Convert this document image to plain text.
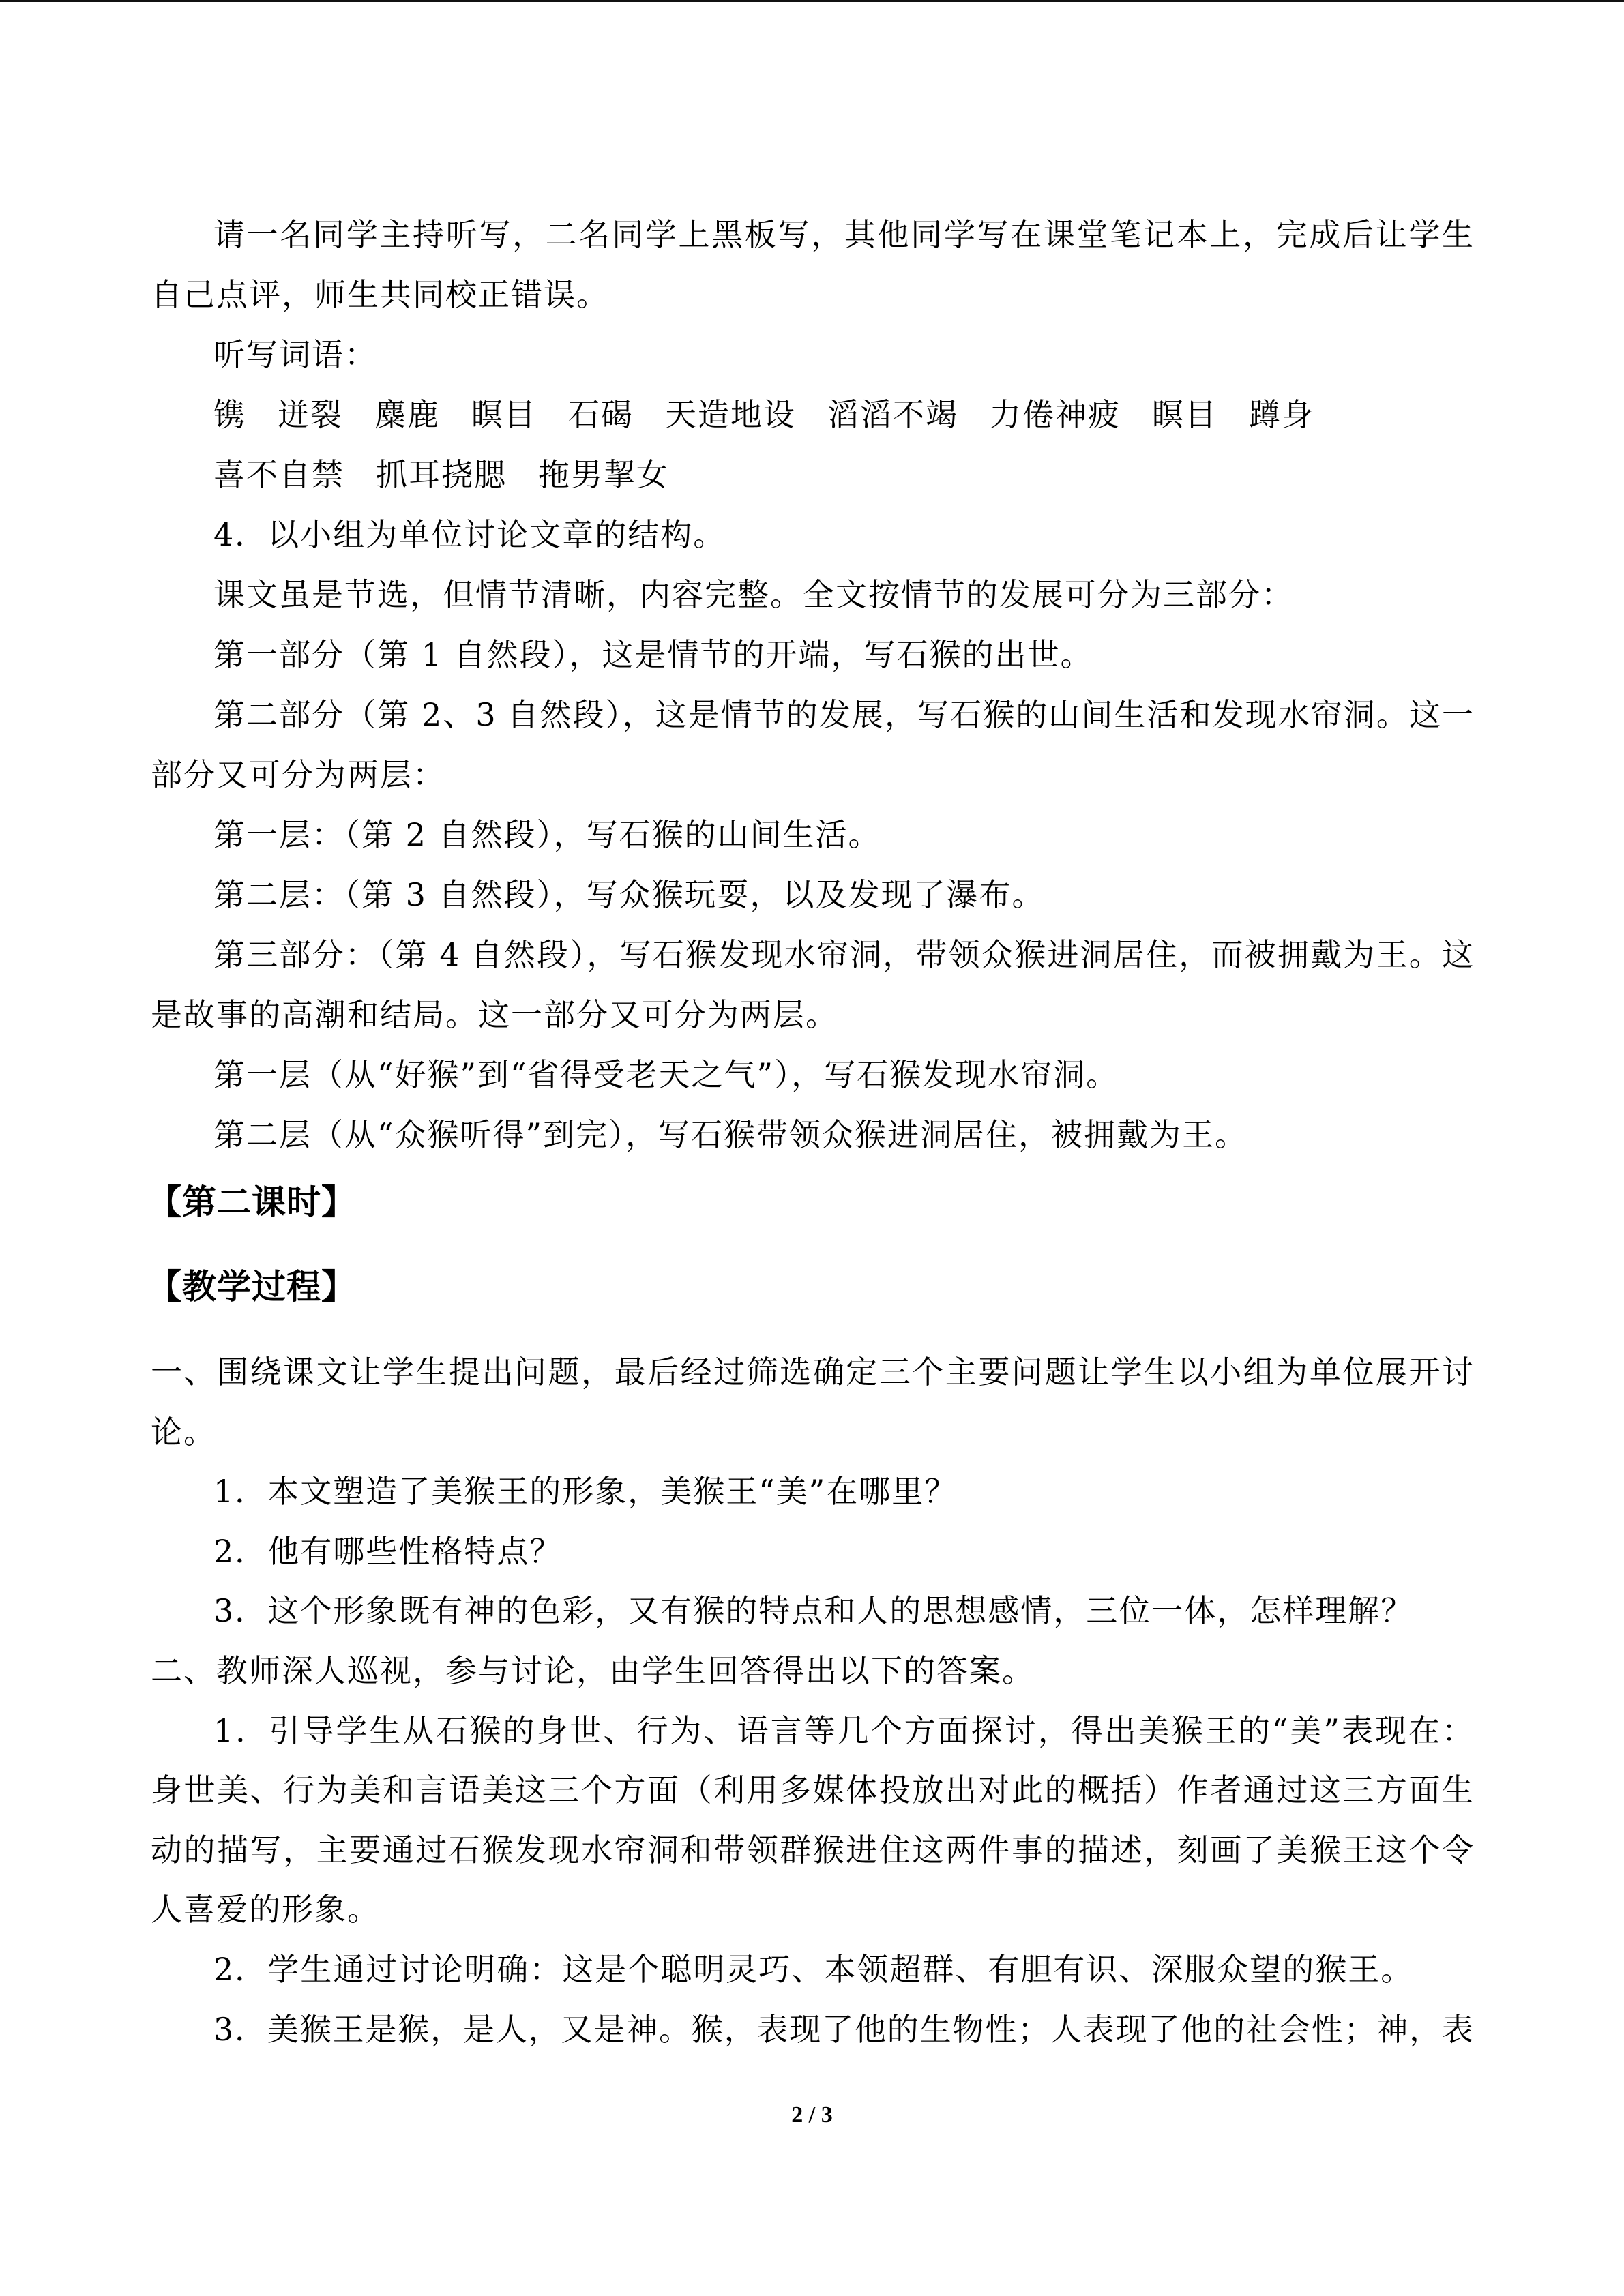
请一名同学主持听写，二名同学上黑板写，其他同学写在课堂笔记本上，完成后让学生
自己点评，师生共同校正错误。
听写词语：
镌 迸裂 麋鹿 瞑目 石碣 天造地设 滔滔不竭 力倦神疲 瞑目 蹲身
喜不自禁 抓耳挠腮 拖男挈女
4．以小组为单位讨论文章的结构。
课文虽是节选，但情节清晰，内容完整。全文按情节的发展可分为三部分：
第一部分（第 1 自然段），这是情节的开端，写石猴的出世。
第二部分（第 2、3 自然段），这是情节的发展，写石猴的山间生活和发现水帘洞。这一
部分又可分为两层：
第一层：（第 2 自然段），写石猴的山间生活。
第二层：（第 3 自然段），写众猴玩耍，以及发现了瀑布。
第三部分：（第 4 自然段），写石猴发现水帘洞，带领众猴进洞居住，而被拥戴为王。这
是故事的高潮和结局。这一部分又可分为两层。
第一层（从“好猴”到“省得受老天之气”），写石猴发现水帘洞。
第二层（从“众猴听得”到完），写石猴带领众猴进洞居住，被拥戴为王。
【第二课时】
【教学过程】
一、围绕课文让学生提出问题，最后经过筛选确定三个主要问题让学生以小组为单位展开讨
论。
1．本文塑造了美猴王的形象，美猴王“美”在哪里？
2．他有哪些性格特点？
3．这个形象既有神的色彩，又有猴的特点和人的思想感情，三位一体，怎样理解？
二、教师深人巡视，参与讨论，由学生回答得出以下的答案。
1．引导学生从石猴的身世、行为、语言等几个方面探讨，得出美猴王的“美”表现在：
身世美、行为美和言语美这三个方面（利用多媒体投放出对此的概括）作者通过这三方面生
动的描写，主要通过石猴发现水帘洞和带领群猴进住这两件事的描述，刻画了美猴王这个令
人喜爱的形象。
2．学生通过讨论明确：这是个聪明灵巧、本领超群、有胆有识、深服众望的猴王。
3．美猴王是猴，是人，又是神。猴，表现了他的生物性；人表现了他的社会性；神，表
2 / 3
